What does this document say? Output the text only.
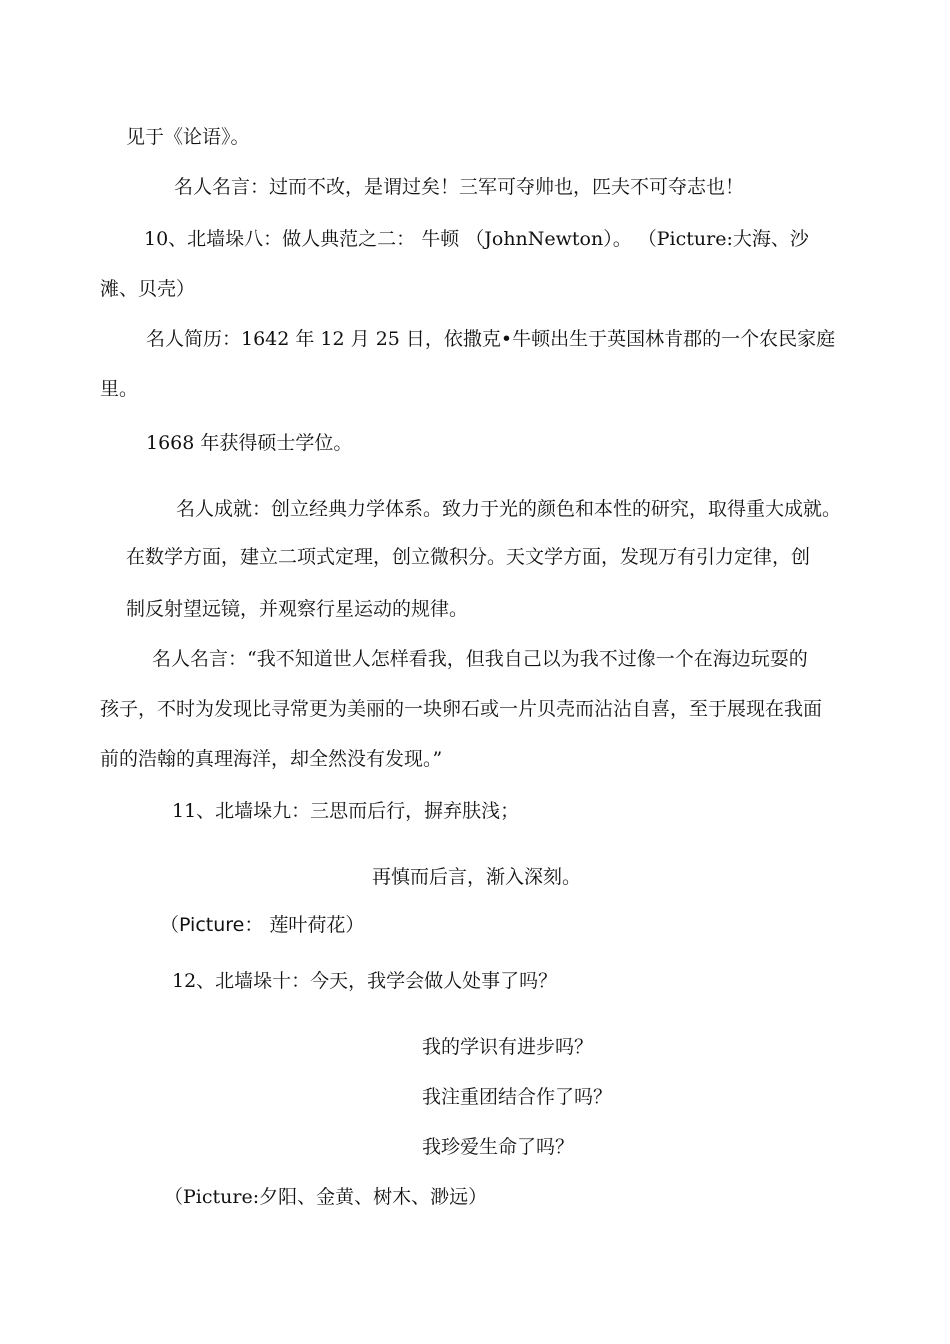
见于《论语》。
名人名言：过而不改，是谓过矣！三军可夺帅也，匹夫不可夺志也！
10、北墙垛八：做人典范之二： 牛顿 （JohnNewton）。 （Picture:大海、沙
滩、贝壳）
名人简历：1642 年 12 月 25 日，依撒克•牛顿出生于英国林肯郡的一个农民家庭
里。
1668 年获得硕士学位。
名人成就：创立经典力学体系。致力于光的颜色和本性的研究，取得重大成就。
在数学方面，建立二项式定理，创立微积分。天文学方面，发现万有引力定律，创
制反射望远镜，并观察行星运动的规律。
名人名言：“我不知道世人怎样看我，但我自己以为我不过像一个在海边玩耍的
孩子，不时为发现比寻常更为美丽的一块卵石或一片贝壳而沾沾自喜，至于展现在我面
前的浩翰的真理海洋，却全然没有发现。”
11、北墙垛九：三思而后行，摒弃肤浅；
再慎而后言，渐入深刻。
（Picture： 莲叶荷花）
12、北墙垛十：今天，我学会做人处事了吗？
我的学识有进步吗？
我注重团结合作了吗？
我珍爱生命了吗？
（Picture:夕阳、金黄、树木、渺远）
